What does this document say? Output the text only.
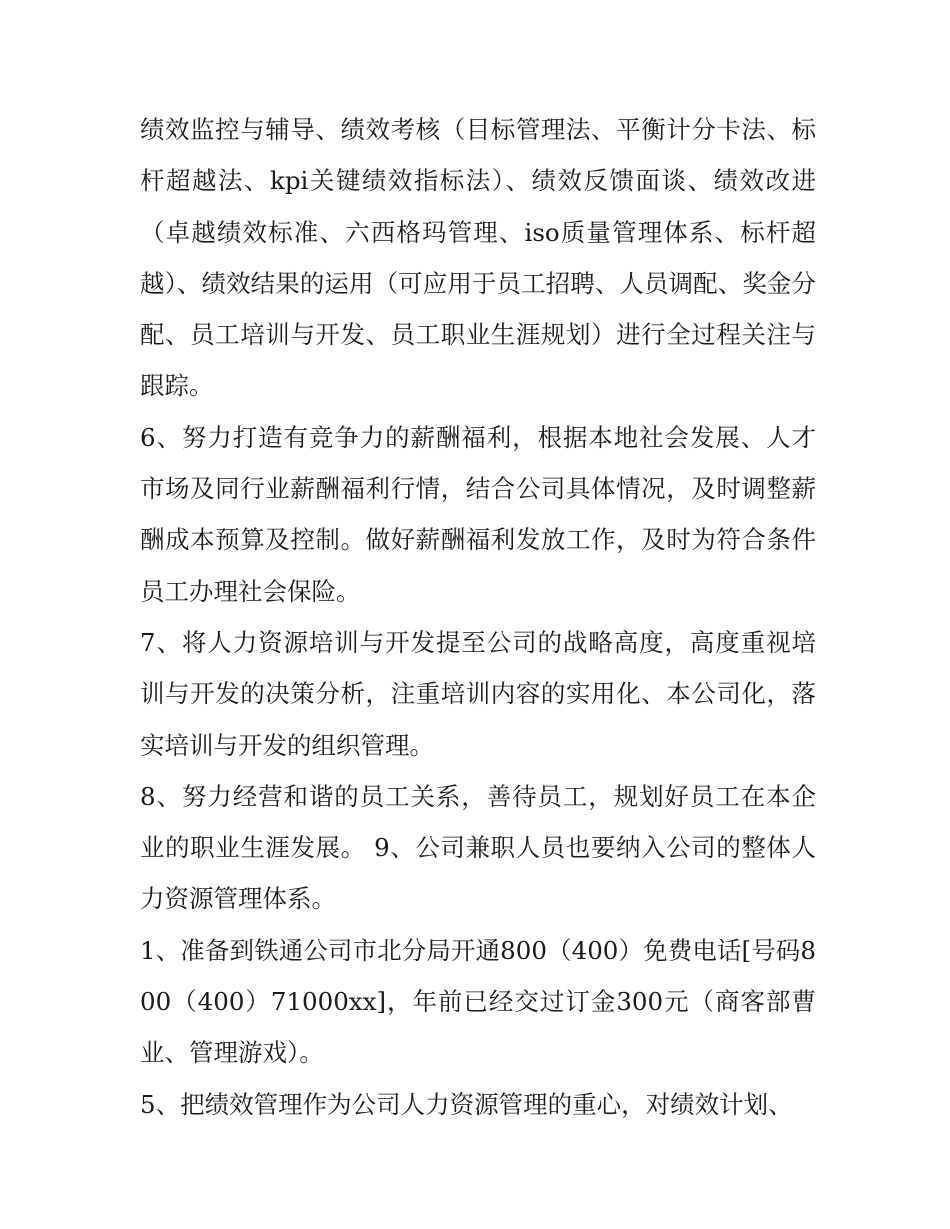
绩效监控与辅导、绩效考核（目标管理法、平衡计分卡法、标杆超越法、kpi关键绩效指标法）、绩效反馈面谈、绩效改进（卓越绩效标准、六西格玛管理、iso质量管理体系、标杆超越）、绩效结果的运用（可应用于员工招聘、人员调配、奖金分配、员工培训与开发、员工职业生涯规划）进行全过程关注与跟踪。

6、努力打造有竞争力的薪酬福利，根据本地社会发展、人才市场及同行业薪酬福利行情，结合公司具体情况，及时调整薪酬成本预算及控制。做好薪酬福利发放工作，及时为符合条件员工办理社会保险。

7、将人力资源培训与开发提至公司的战略高度，高度重视培训与开发的决策分析，注重培训内容的实用化、本公司化，落实培训与开发的组织管理。

8、努力经营和谐的员工关系，善待员工，规划好员工在本企业的职业生涯发展。 9、公司兼职人员也要纳入公司的整体人力资源管理体系。

1、准备到铁通公司市北分局开通800（400）免费电话[号码800（400）71000xx]，年前已经交过订金300元（商客部曹业、管理游戏）。

5、把绩效管理作为公司人力资源管理的重心，对绩效计划、
